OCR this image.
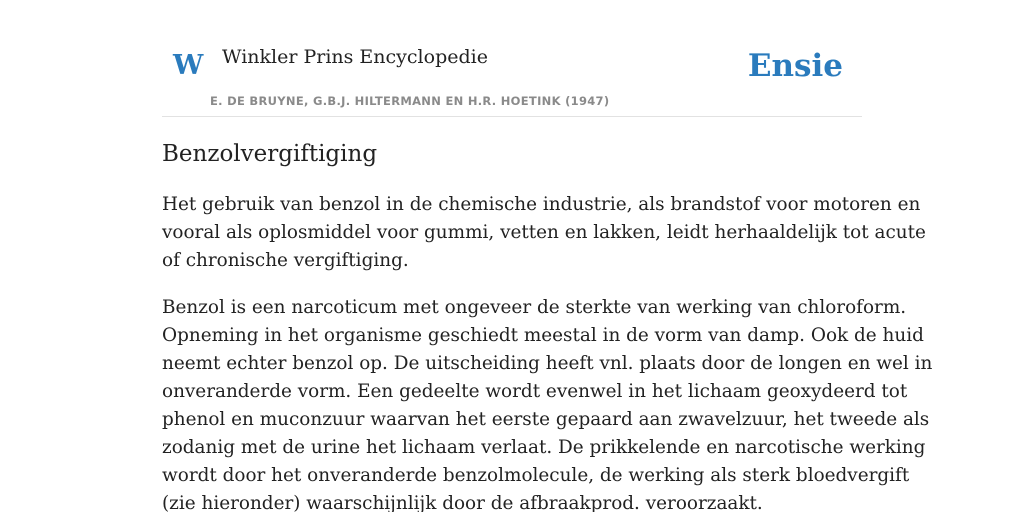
W Winkler Prins Encyclopedie
E. DE BRUYNE, G.B.J. HILTERMANN EN H.R. HOETINK (1947)
Ensie
Benzolvergiftiging

Het gebruik van benzol in de chemische industrie, als brandstof voor motoren en
vooral als oplosmiddel voor gummi, vetten en lakken, leidt herhaaldelijk tot acute
of chronische vergiftiging.

Benzol is een narcoticum met ongeveer de sterkte van werking van chloroform.
Opneming in het organisme geschiedt meestal in de vorm van damp. Ook de huid
neemt echter benzol op. De uitscheiding heeft vnl. plaats door de longen en wel in
onveranderde vorm. Een gedeelte wordt evenwel in het lichaam geoxydeerd tot
phenol en muconzuur waarvan het eerste gepaard aan zwavelzuur, het tweede als
zodanig met de urine het lichaam verlaat. De prikkelende en narcotische werking
wordt door het onveranderde benzolmolecule, de werking als sterk bloedvergift
(zie hieronder) waarschijnlijk door de afbraakprod. veroorzaakt.
